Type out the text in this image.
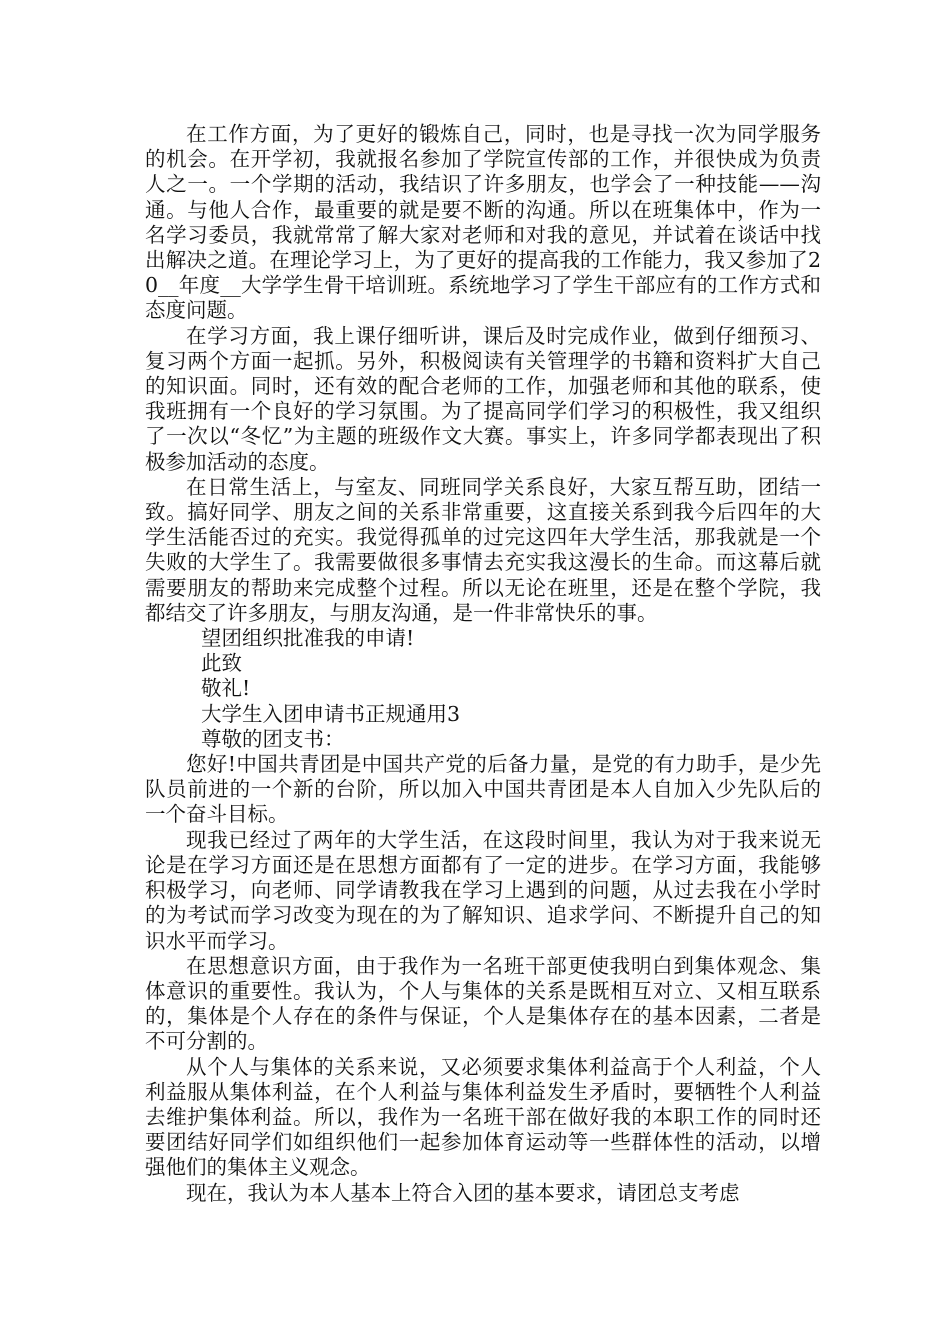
在工作方面，为了更好的锻炼自己，同时，也是寻找一次为同学服务的机会。在开学初，我就报名参加了学院宣传部的工作，并很快成为负责人之一。一个学期的活动，我结识了许多朋友，也学会了一种技能——沟通。与他人合作，最重要的就是要不断的沟通。所以在班集体中，作为一名学习委员，我就常常了解大家对老师和对我的意见，并试着在谈话中找出解决之道。在理论学习上，为了更好的提高我的工作能力，我又参加了20__年度__大学学生骨干培训班。系统地学习了学生干部应有的工作方式和态度问题。

在学习方面，我上课仔细听讲，课后及时完成作业，做到仔细预习、复习两个方面一起抓。另外，积极阅读有关管理学的书籍和资料扩大自己的知识面。同时，还有效的配合老师的工作，加强老师和其他的联系，使我班拥有一个良好的学习氛围。为了提高同学们学习的积极性，我又组织了一次以“冬忆”为主题的班级作文大赛。事实上，许多同学都表现出了积极参加活动的态度。

在日常生活上，与室友、同班同学关系良好，大家互帮互助，团结一致。搞好同学、朋友之间的关系非常重要，这直接关系到我今后四年的大学生活能否过的充实。我觉得孤单的过完这四年大学生活，那我就是一个失败的大学生了。我需要做很多事情去充实我这漫长的生命。而这幕后就需要朋友的帮助来完成整个过程。所以无论在班里，还是在整个学院，我都结交了许多朋友，与朋友沟通，是一件非常快乐的事。

望团组织批准我的申请!

此致

敬礼!

大学生入团申请书正规通用3

尊敬的团支书：

您好!中国共青团是中国共产党的后备力量，是党的有力助手，是少先队员前进的一个新的台阶，所以加入中国共青团是本人自加入少先队后的一个奋斗目标。

现我已经过了两年的大学生活，在这段时间里，我认为对于我来说无论是在学习方面还是在思想方面都有了一定的进步。在学习方面，我能够积极学习，向老师、同学请教我在学习上遇到的问题，从过去我在小学时的为考试而学习改变为现在的为了解知识、追求学问、不断提升自己的知识水平而学习。

在思想意识方面，由于我作为一名班干部更使我明白到集体观念、集体意识的重要性。我认为，个人与集体的关系是既相互对立、又相互联系的，集体是个人存在的条件与保证，个人是集体存在的基本因素，二者是不可分割的。

从个人与集体的关系来说，又必须要求集体利益高于个人利益，个人利益服从集体利益，在个人利益与集体利益发生矛盾时，要牺牲个人利益去维护集体利益。所以，我作为一名班干部在做好我的本职工作的同时还要团结好同学们如组织他们一起参加体育运动等一些群体性的活动，以增强他们的集体主义观念。

现在，我认为本人基本上符合入团的基本要求，请团总支考虑
